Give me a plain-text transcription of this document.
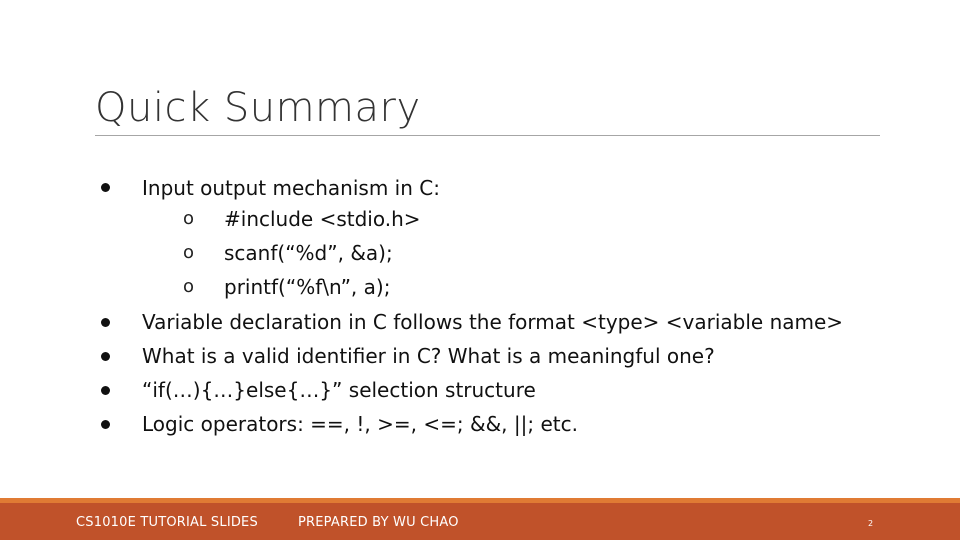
Quick Summary
Input output mechanism in C:
o #include <stdio.h>
o scanf(“%d”, &a);
o printf(“%f\n”, a);
Variable declaration in C follows the format <type> <variable name>
What is a valid identifier in C? What is a meaningful one?
“if(…){…}else{…}” selection structure
Logic operators: ==, !, >=, <=; &&, ||; etc.
CS1010E TUTORIAL SLIDES	PREPARED BY WU CHAO	2
